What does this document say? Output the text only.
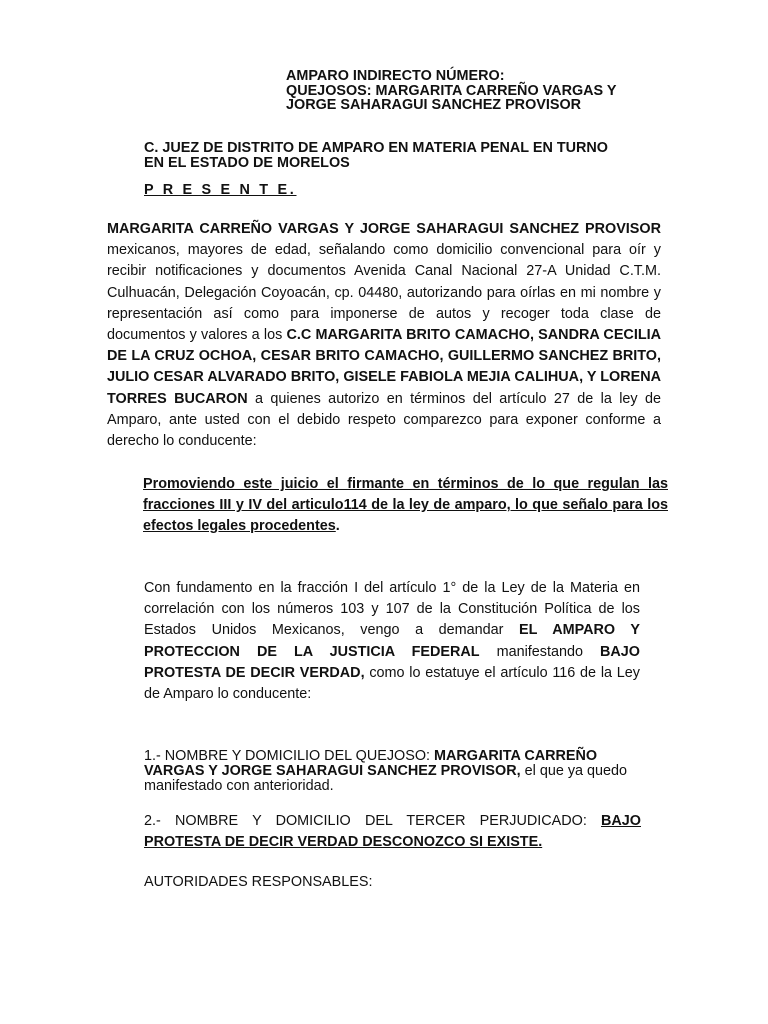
AMPARO INDIRECTO NÚMERO:
QUEJOSOS: MARGARITA CARREÑO VARGAS Y
JORGE SAHARAGUI SANCHEZ PROVISOR
C. JUEZ DE DISTRITO DE AMPARO EN MATERIA PENAL EN TURNO
EN EL ESTADO DE MORELOS
P R E S E N T E.
MARGARITA CARREÑO VARGAS Y JORGE SAHARAGUI SANCHEZ PROVISOR mexicanos, mayores de edad, señalando como domicilio convencional para oír y recibir notificaciones y documentos Avenida Canal Nacional 27-A Unidad C.T.M. Culhuacán, Delegación Coyoacán, cp. 04480, autorizando para oírlas en mi nombre y representación así como para imponerse de autos y recoger toda clase de documentos y valores a los C.C MARGARITA BRITO CAMACHO, SANDRA CECILIA DE LA CRUZ OCHOA, CESAR BRITO CAMACHO, GUILLERMO SANCHEZ BRITO, JULIO CESAR ALVARADO BRITO, GISELE FABIOLA MEJIA CALIHUA, Y LORENA TORRES BUCARON a quienes autorizo en términos del artículo 27 de la ley de Amparo, ante usted con el debido respeto comparezco para exponer conforme a derecho lo conducente:
Promoviendo este juicio el firmante en términos de lo que regulan las fracciones III y IV del articulo114 de la ley de amparo, lo que señalo para los efectos legales procedentes.
Con fundamento en la fracción I del artículo 1° de la Ley de la Materia en correlación con los números 103 y 107 de la Constitución Política de los Estados Unidos Mexicanos, vengo a demandar EL AMPARO Y PROTECCION DE LA JUSTICIA FEDERAL manifestando BAJO PROTESTA DE DECIR VERDAD, como lo estatuye el artículo 116 de la Ley de Amparo lo conducente:
1.- NOMBRE Y DOMICILIO DEL QUEJOSO: MARGARITA CARREÑO VARGAS Y JORGE SAHARAGUI SANCHEZ PROVISOR, el que ya quedo manifestado con anterioridad.
2.- NOMBRE Y DOMICILIO DEL TERCER PERJUDICADO: BAJO PROTESTA DE DECIR VERDAD DESCONOZCO SI EXISTE.
AUTORIDADES RESPONSABLES:
